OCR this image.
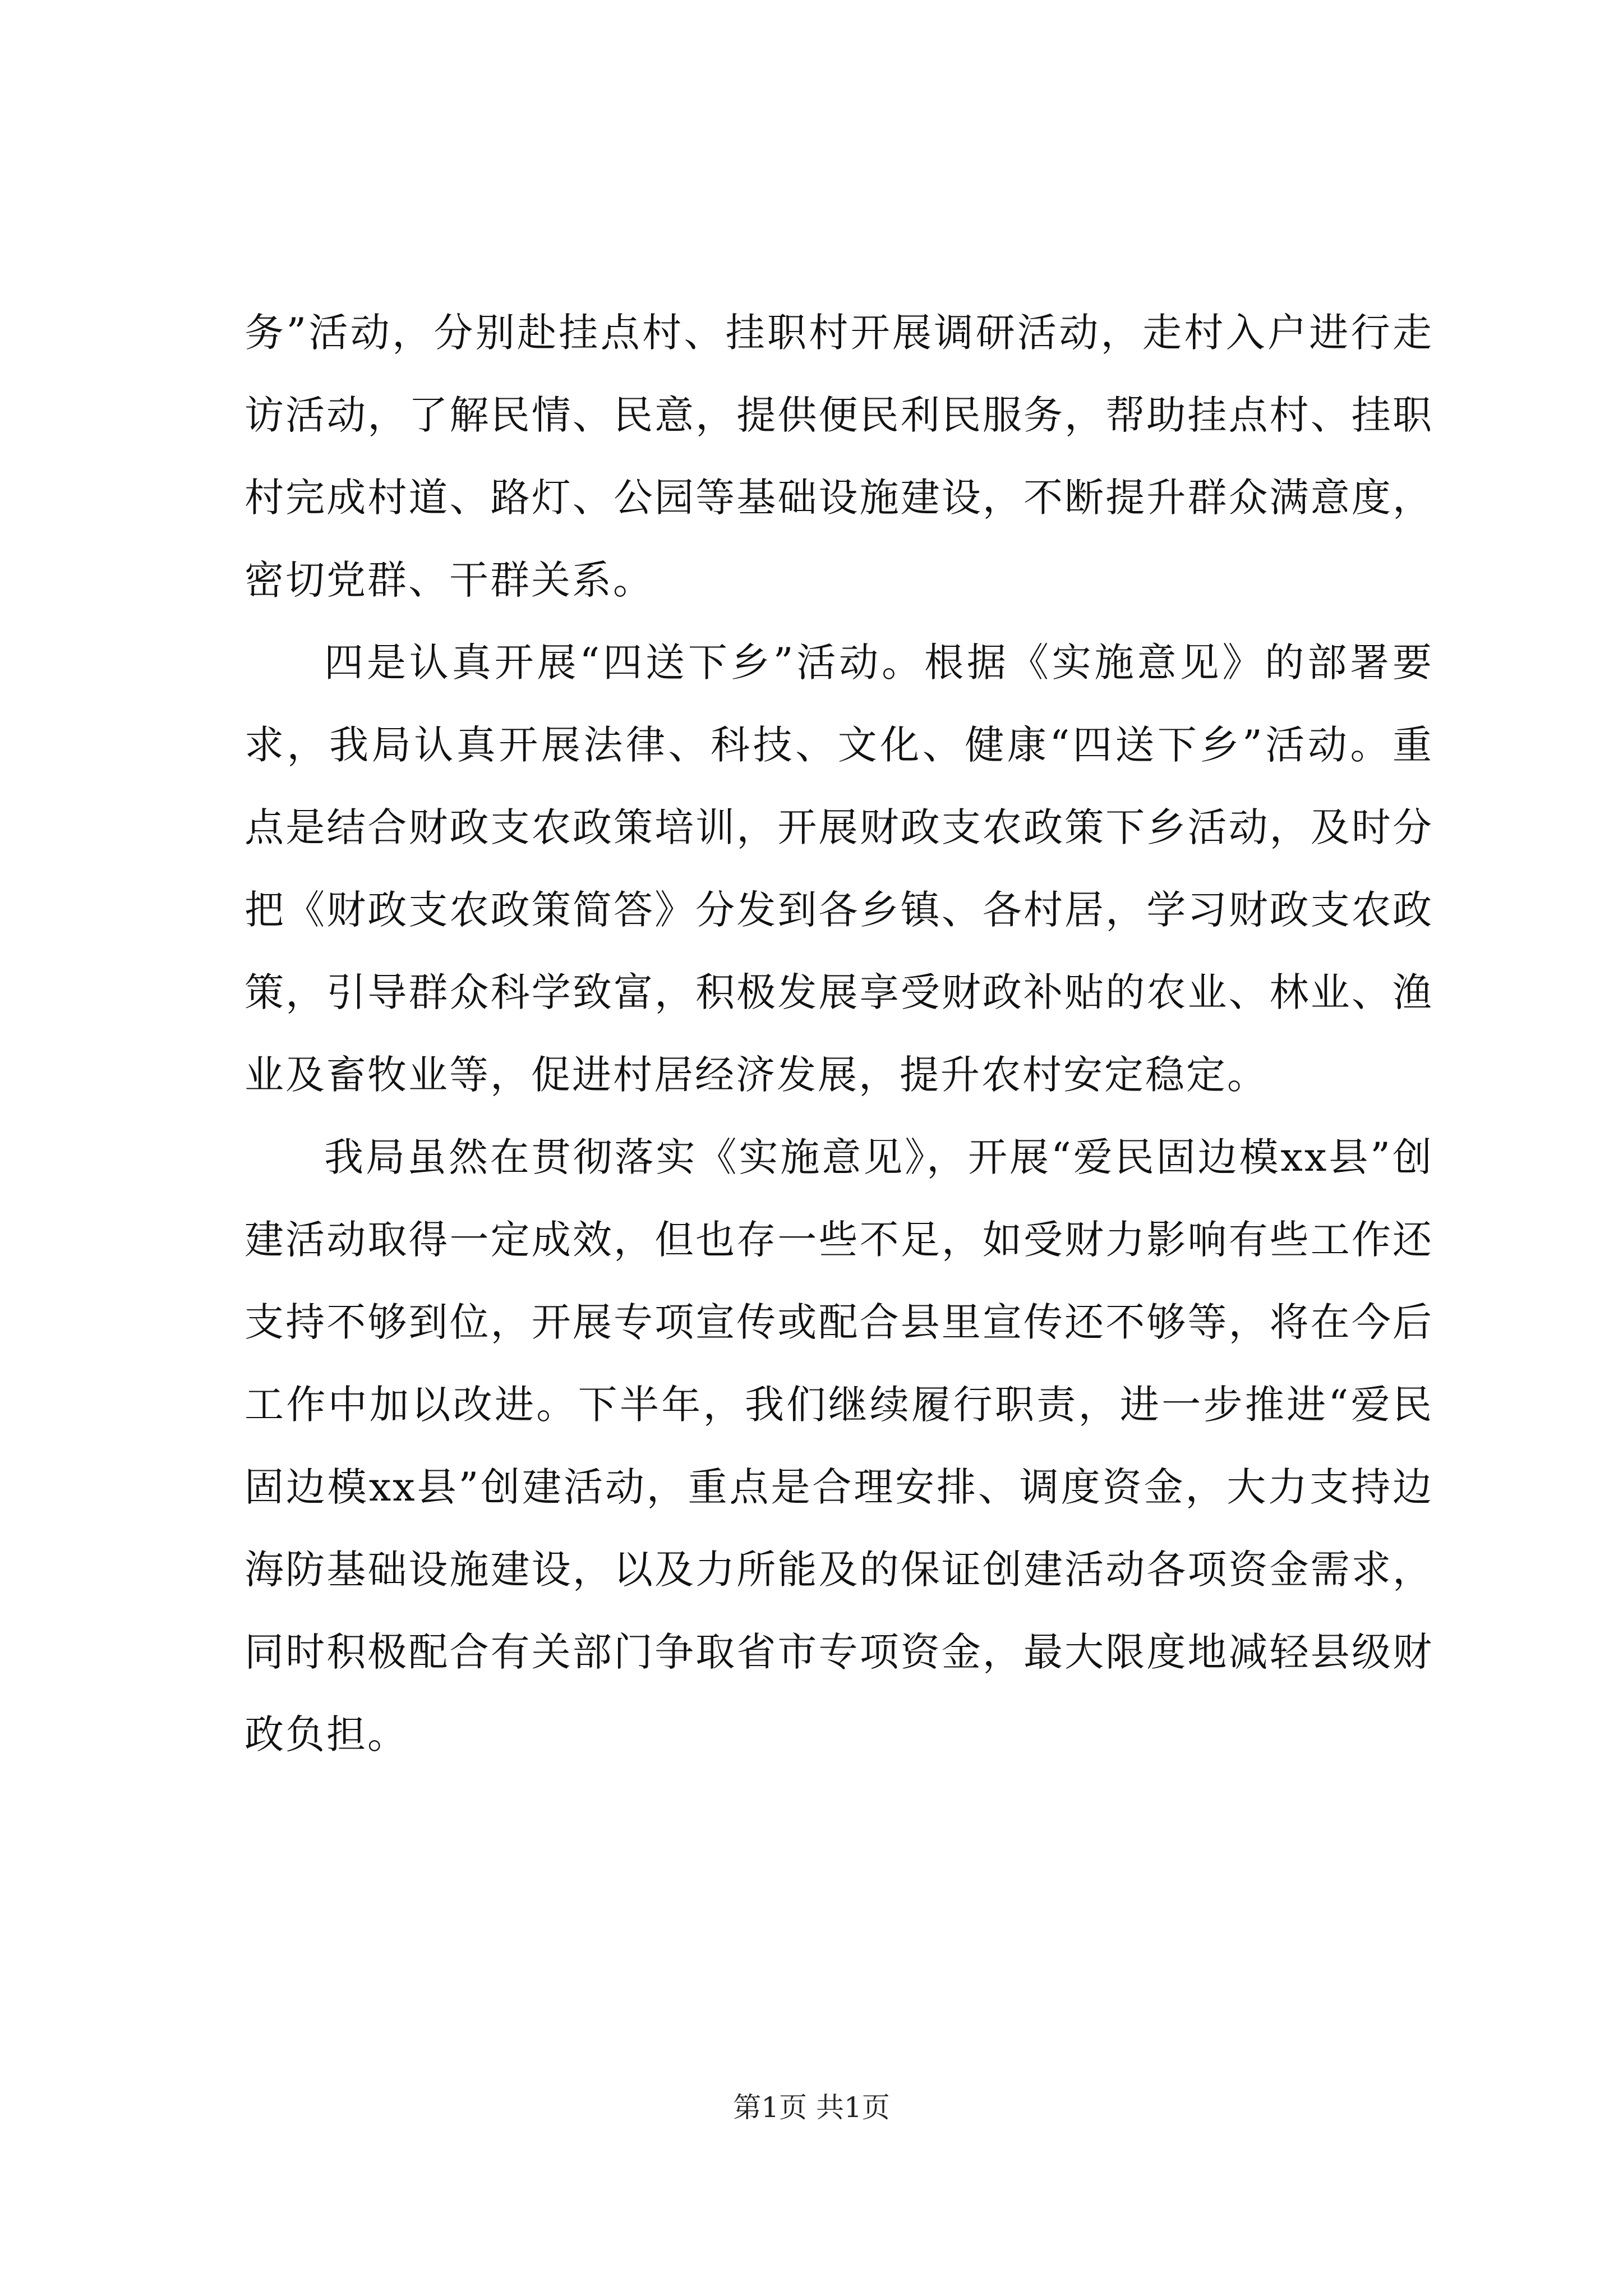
务”活动，分别赴挂点村、挂职村开展调研活动，走村入户进行走访活动，了解民情、民意，提供便民利民服务，帮助挂点村、挂职村完成村道、路灯、公园等基础设施建设，不断提升群众满意度，密切党群、干群关系。

四是认真开展“四送下乡”活动。根据《实施意见》的部署要求，我局认真开展法律、科技、文化、健康“四送下乡”活动。重点是结合财政支农政策培训，开展财政支农政策下乡活动，及时分把《财政支农政策简答》分发到各乡镇、各村居，学习财政支农政策，引导群众科学致富，积极发展享受财政补贴的农业、林业、渔业及畜牧业等，促进村居经济发展，提升农村安定稳定。

我局虽然在贯彻落实《实施意见》，开展“爱民固边模xx县”创建活动取得一定成效，但也存一些不足，如受财力影响有些工作还支持不够到位，开展专项宣传或配合县里宣传还不够等，将在今后工作中加以改进。下半年，我们继续履行职责，进一步推进“爱民固边模xx县”创建活动，重点是合理安排、调度资金，大力支持边海防基础设施建设，以及力所能及的保证创建活动各项资金需求，同时积极配合有关部门争取省市专项资金，最大限度地减轻县级财政负担。

第1页 共1页
